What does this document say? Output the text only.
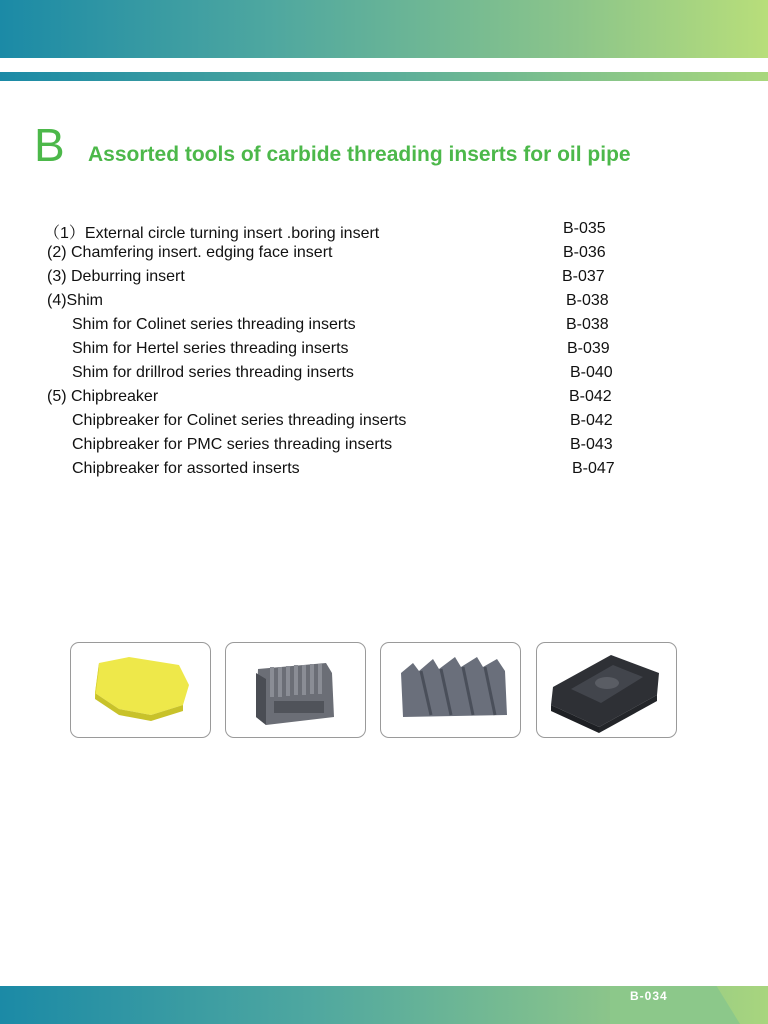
B Assorted tools of carbide threading inserts for oil pipe
（1）External circle turning insert .boring insert	B-035
(2) Chamfering insert. edging face insert	B-036
(3) Deburring insert	B-037
(4)Shim	B-038
Shim for Colinet series threading inserts	B-038
Shim for Hertel series threading inserts	B-039
Shim for drillrod series threading inserts	B-040
(5) Chipbreaker	B-042
Chipbreaker for Colinet series threading inserts	B-042
Chipbreaker for PMC series threading inserts	B-043
Chipbreaker for assorted inserts	B-047
B-034
